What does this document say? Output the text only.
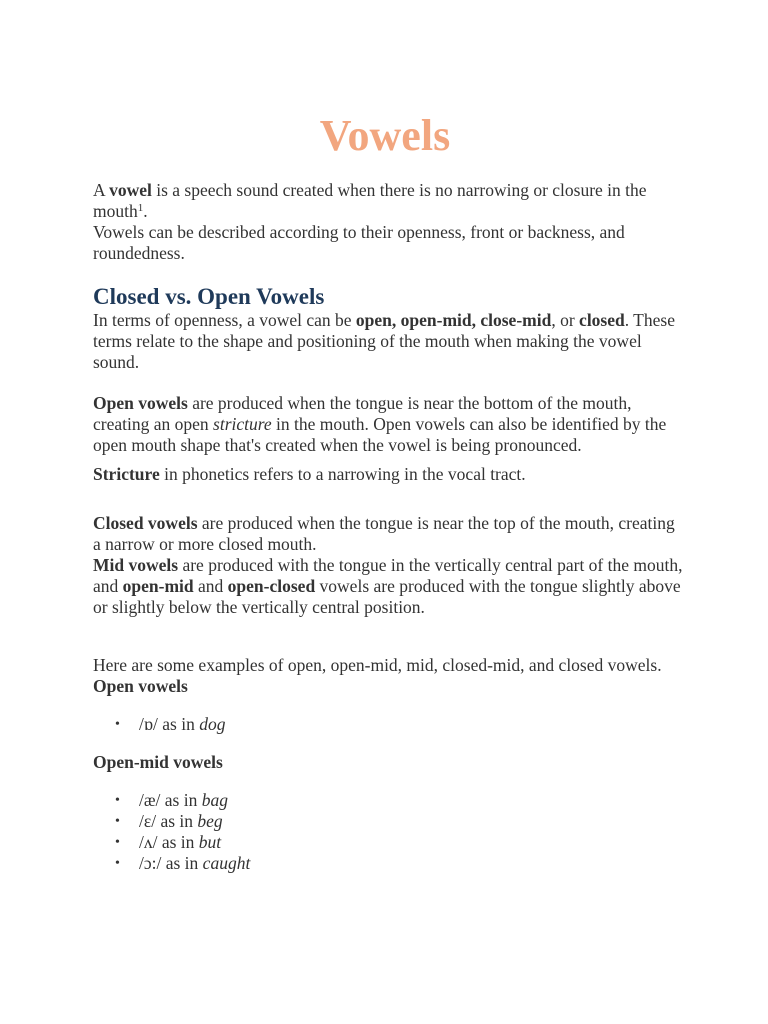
Vowels

A vowel is a speech sound created when there is no narrowing or closure in the mouth$^1$.

Vowels can be described according to their openness, front or backness, and roundedness.

Closed vs. Open Vowels

In terms of openness, a vowel can be open, open-mid, close-mid, or closed. These terms relate to the shape and positioning of the mouth when making the vowel sound.

Open vowels are produced when the tongue is near the bottom of the mouth, creating an open stricture in the mouth. Open vowels can also be identified by the open mouth shape that's created when the vowel is being pronounced.

Stricture in phonetics refers to a narrowing in the vocal tract.

Closed vowels are produced when the tongue is near the top of the mouth, creating a narrow or more closed mouth.

Mid vowels are produced with the tongue in the vertically central part of the mouth, and open-mid and open-closed vowels are produced with the tongue slightly above or slightly below the vertically central position.

Here are some examples of open, open-mid, mid, closed-mid, and closed vowels.

Open vowels
• /ɒ/ as in dog
Open-mid vowels
• /æ/ as in bag
• /ɛ/ as in beg
• /ʌ/ as in but
• /ɔ:/ as in caught
